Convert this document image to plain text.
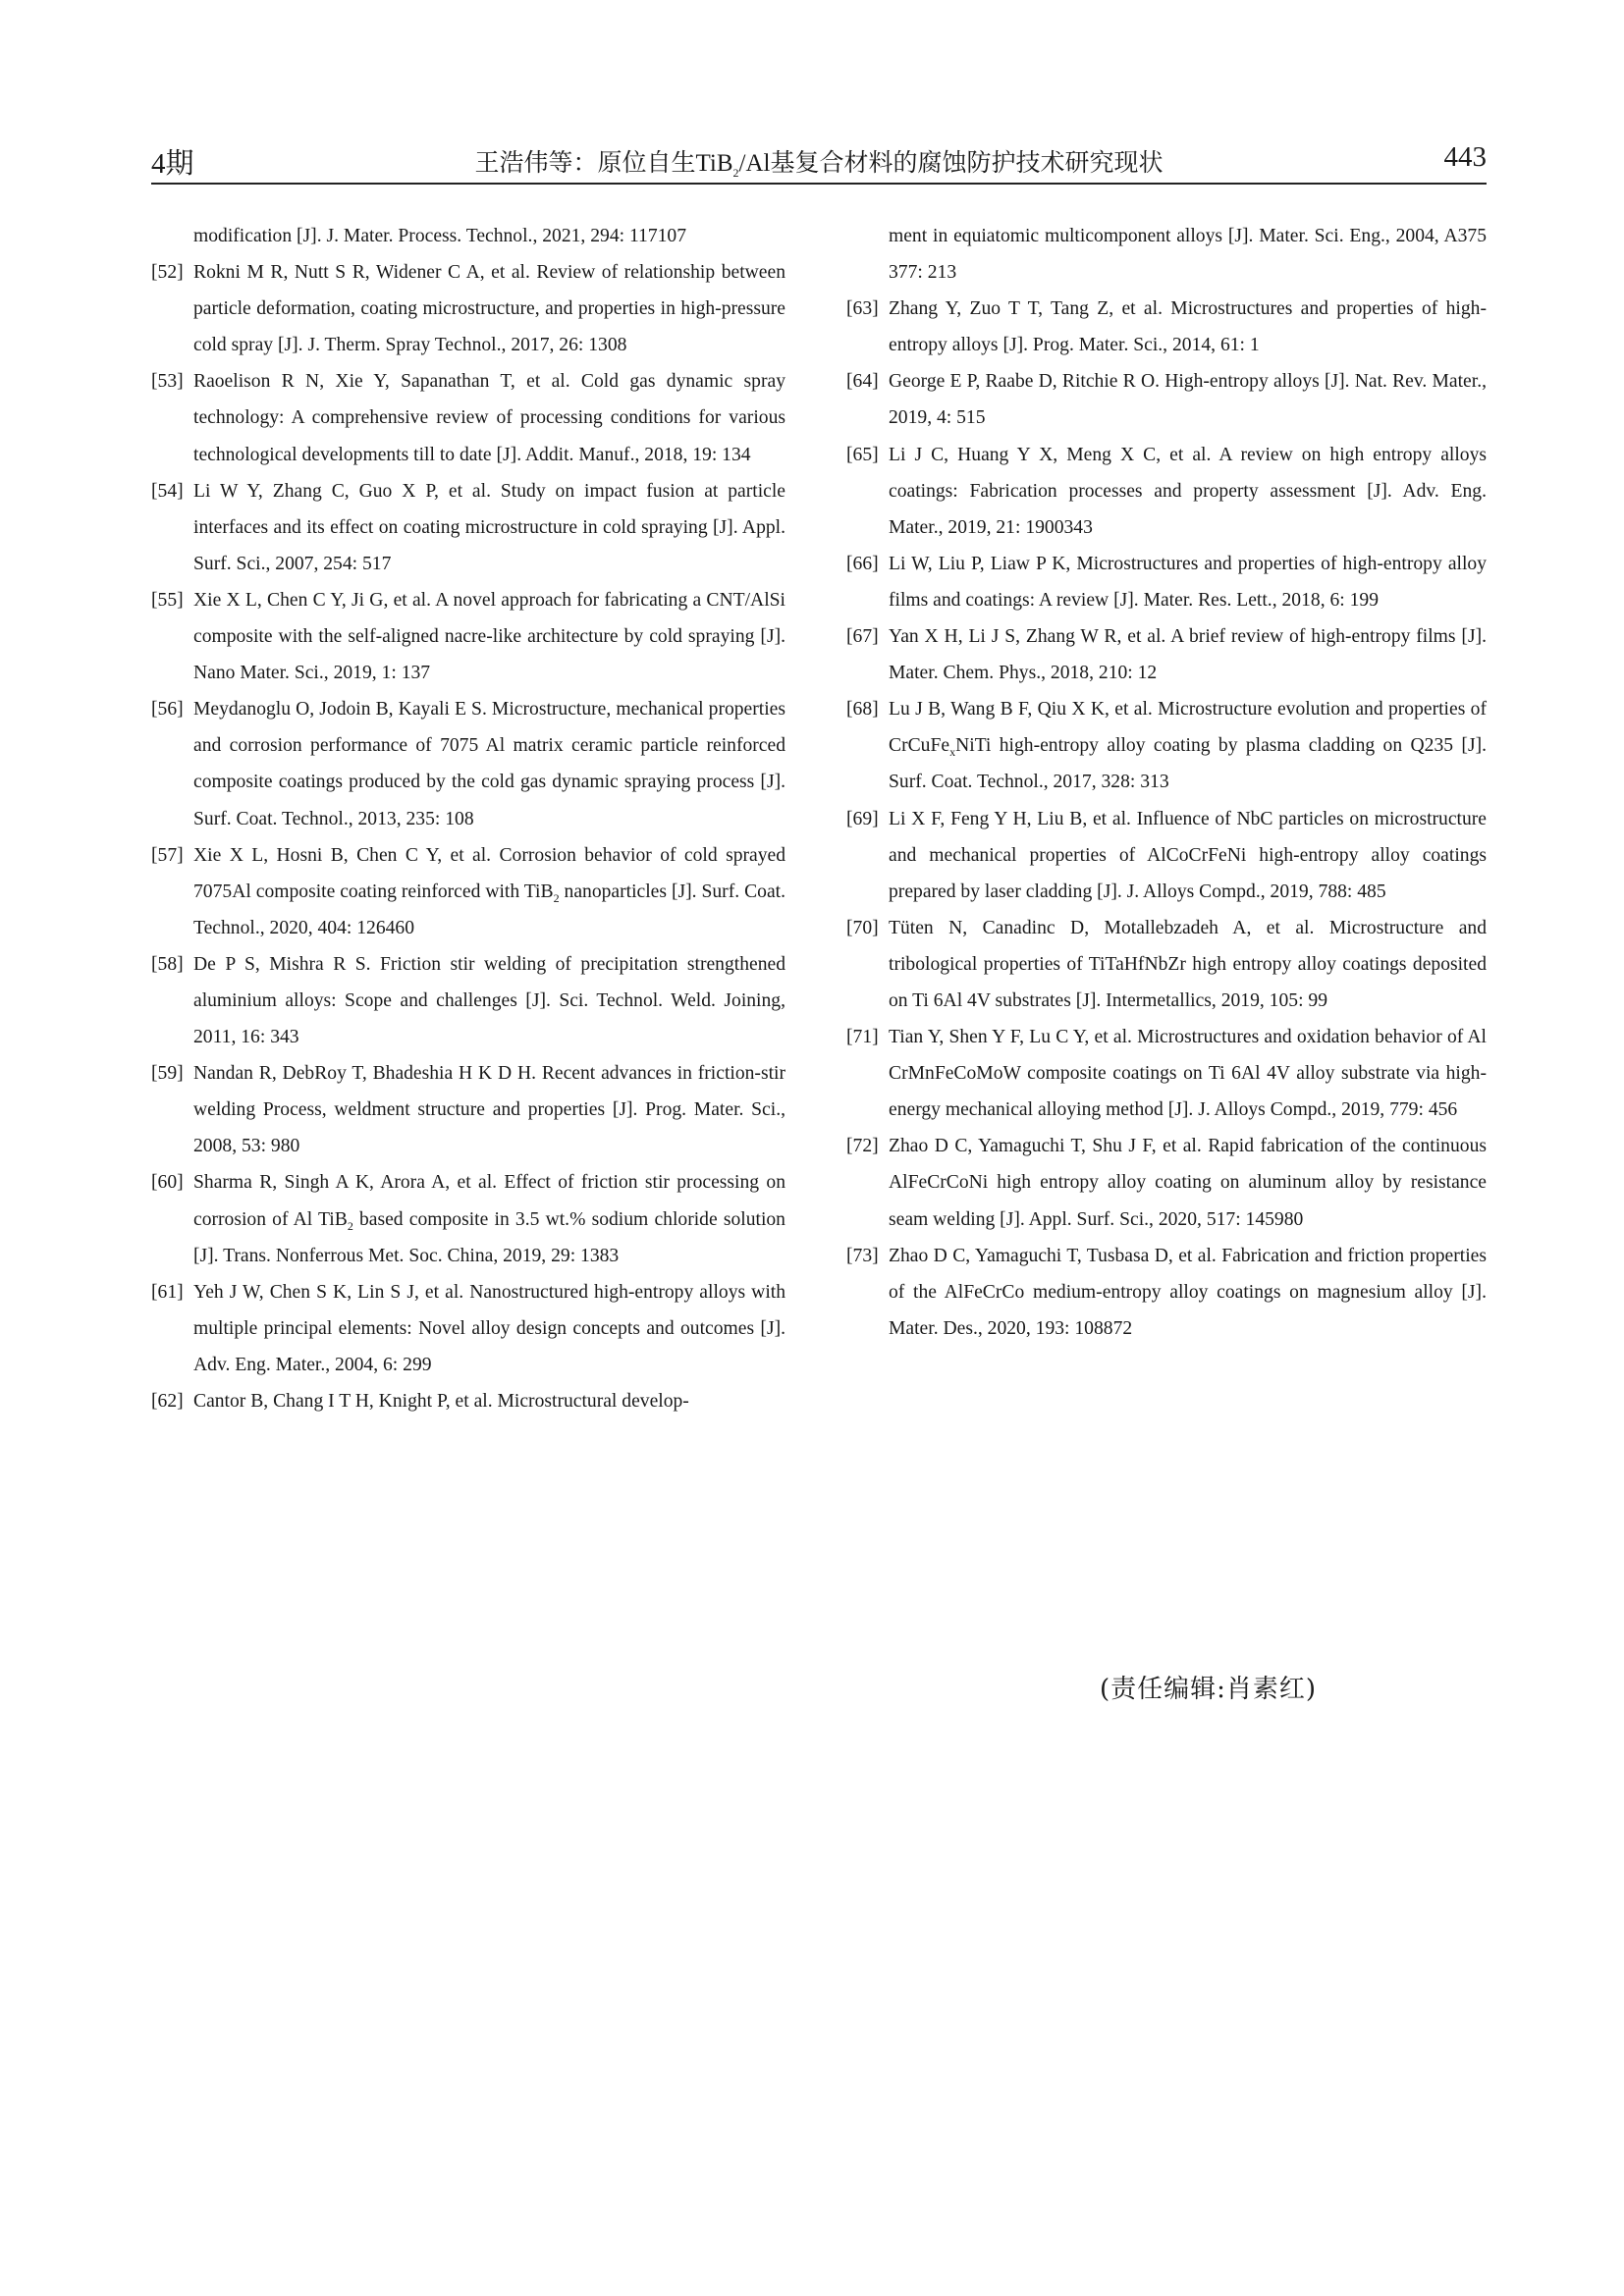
4期	王浩伟等：原位自生TiB$_2$/Al基复合材料的腐蚀防护技术研究现状	443
modification [J]. J. Mater. Process. Technol., 2021, 294: 117107
[52] Rokni M R, Nutt S R, Widener C A, et al. Review of relationship between particle deformation, coating microstructure, and properties in high-pressure cold spray [J]. J. Therm. Spray Technol., 2017, 26: 1308
[53] Raoelison R N, Xie Y, Sapanathan T, et al. Cold gas dynamic spray technology: A comprehensive review of processing conditions for various technological developments till to date [J]. Addit. Manuf., 2018, 19: 134
[54] Li W Y, Zhang C, Guo X P, et al. Study on impact fusion at particle interfaces and its effect on coating microstructure in cold spraying [J]. Appl. Surf. Sci., 2007, 254: 517
[55] Xie X L, Chen C Y, Ji G, et al. A novel approach for fabricating a CNT/AlSi composite with the self-aligned nacre-like architecture by cold spraying [J]. Nano Mater. Sci., 2019, 1: 137
[56] Meydanoglu O, Jodoin B, Kayali E S. Microstructure, mechanical properties and corrosion performance of 7075 Al matrix ceramic particle reinforced composite coatings produced by the cold gas dynamic spraying process [J]. Surf. Coat. Technol., 2013, 235: 108
[57] Xie X L, Hosni B, Chen C Y, et al. Corrosion behavior of cold sprayed 7075Al composite coating reinforced with TiB$_2$ nanoparticles [J]. Surf. Coat. Technol., 2020, 404: 126460
[58] De P S, Mishra R S. Friction stir welding of precipitation strengthened aluminium alloys: Scope and challenges [J]. Sci. Technol. Weld. Joining, 2011, 16: 343
[59] Nandan R, DebRoy T, Bhadeshia H K D H. Recent advances in friction-stir welding Process, weldment structure and properties [J]. Prog. Mater. Sci., 2008, 53: 980
[60] Sharma R, Singh A K, Arora A, et al. Effect of friction stir processing on corrosion of Al TiB$_2$ based composite in 3.5 wt.% sodium chloride solution [J]. Trans. Nonferrous Met. Soc. China, 2019, 29: 1383
[61] Yeh J W, Chen S K, Lin S J, et al. Nanostructured high-entropy alloys with multiple principal elements: Novel alloy design concepts and outcomes [J]. Adv. Eng. Mater., 2004, 6: 299
[62] Cantor B, Chang I T H, Knight P, et al. Microstructural develop-
ment in equiatomic multicomponent alloys [J]. Mater. Sci. Eng., 2004, A375 377: 213
[63] Zhang Y, Zuo T T, Tang Z, et al. Microstructures and properties of high-entropy alloys [J]. Prog. Mater. Sci., 2014, 61: 1
[64] George E P, Raabe D, Ritchie R O. High-entropy alloys [J]. Nat. Rev. Mater., 2019, 4: 515
[65] Li J C, Huang Y X, Meng X C, et al. A review on high entropy alloys coatings: Fabrication processes and property assessment [J]. Adv. Eng. Mater., 2019, 21: 1900343
[66] Li W, Liu P, Liaw P K, Microstructures and properties of high-entropy alloy films and coatings: A review [J]. Mater. Res. Lett., 2018, 6: 199
[67] Yan X H, Li J S, Zhang W R, et al. A brief review of high-entropy films [J]. Mater. Chem. Phys., 2018, 210: 12
[68] Lu J B, Wang B F, Qiu X K, et al. Microstructure evolution and properties of CrCuFe$_x$NiTi high-entropy alloy coating by plasma cladding on Q235 [J]. Surf. Coat. Technol., 2017, 328: 313
[69] Li X F, Feng Y H, Liu B, et al. Influence of NbC particles on microstructure and mechanical properties of AlCoCrFeNi high-entropy alloy coatings prepared by laser cladding [J]. J. Alloys Compd., 2019, 788: 485
[70] Tüten N, Canadinc D, Motallebzadeh A, et al. Microstructure and tribological properties of TiTaHfNbZr high entropy alloy coatings deposited on Ti 6Al 4V substrates [J]. Intermetallics, 2019, 105: 99
[71] Tian Y, Shen Y F, Lu C Y, et al. Microstructures and oxidation behavior of Al CrMnFeCoMoW composite coatings on Ti 6Al 4V alloy substrate via high-energy mechanical alloying method [J]. J. Alloys Compd., 2019, 779: 456
[72] Zhao D C, Yamaguchi T, Shu J F, et al. Rapid fabrication of the continuous AlFeCrCoNi high entropy alloy coating on aluminum alloy by resistance seam welding [J]. Appl. Surf. Sci., 2020, 517: 145980
[73] Zhao D C, Yamaguchi T, Tusbasa D, et al. Fabrication and friction properties of the AlFeCrCo medium-entropy alloy coatings on magnesium alloy [J]. Mater. Des., 2020, 193: 108872
(责任编辑:肖素红)
